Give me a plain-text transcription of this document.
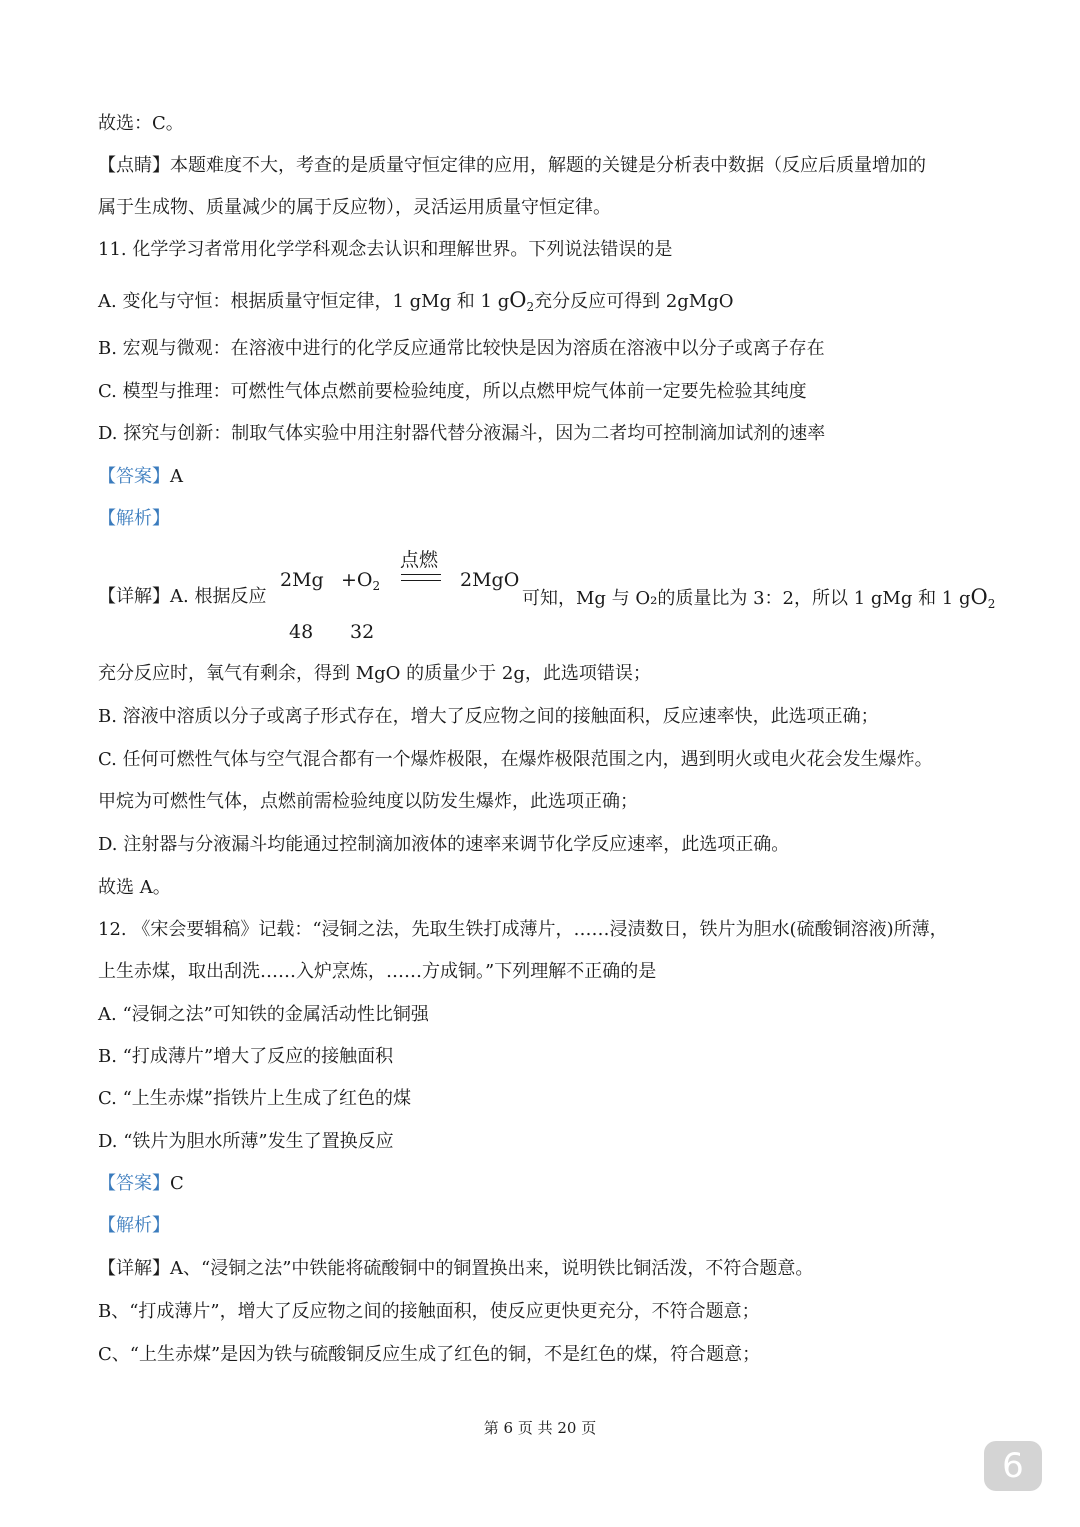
故选：C。
【点睛】本题难度不大，考查的是质量守恒定律的应用，解题的关键是分析表中数据（反应后质量增加的
属于生成物、质量减少的属于反应物），灵活运用质量守恒定律。
11. 化学学习者常用化学学科观念去认识和理解世界。下列说法错误的是
A. 变化与守恒：根据质量守恒定律，1 gMg 和 1 $gO_2$充分反应可得到 2gMgO
B. 宏观与微观：在溶液中进行的化学反应通常比较快是因为溶质在溶液中以分子或离子存在
C. 模型与推理：可燃性气体点燃前要检验纯度，所以点燃甲烷气体前一定要先检验其纯度
D. 探究与创新：制取气体实验中用注射器代替分液漏斗，因为二者均可控制滴加试剂的速率
【答案】A
【解析】
【详解】A. 根据反应
$2Mg +O_2$
点燃
2MgO
48 32
可知，Mg 与 O₂的质量比为 3：2，所以 1 gMg 和 1 $gO_2$
充分反应时，氧气有剩余，得到 MgO 的质量少于 2g，此选项错误；
B. 溶液中溶质以分子或离子形式存在，增大了反应物之间的接触面积，反应速率快，此选项正确；
C. 任何可燃性气体与空气混合都有一个爆炸极限，在爆炸极限范围之内，遇到明火或电火花会发生爆炸。
甲烷为可燃性气体，点燃前需检验纯度以防发生爆炸，此选项正确；
D. 注射器与分液漏斗均能通过控制滴加液体的速率来调节化学反应速率，此选项正确。
故选 A。
12. 《宋会要辑稿》记载：“浸铜之法，先取生铁打成薄片，……浸渍数日，铁片为胆水(硫酸铜溶液)所薄，
上生赤煤，取出刮洗……入炉烹炼，……方成铜。”下列理解不正确的是
A. “浸铜之法”可知铁的金属活动性比铜强
B. “打成薄片”增大了反应的接触面积
C. “上生赤煤”指铁片上生成了红色的煤
D. “铁片为胆水所薄”发生了置换反应
【答案】C
【解析】
【详解】A、“浸铜之法”中铁能将硫酸铜中的铜置换出来，说明铁比铜活泼，不符合题意。
B、“打成薄片”，增大了反应物之间的接触面积，使反应更快更充分，不符合题意；
C、“上生赤煤”是因为铁与硫酸铜反应生成了红色的铜，不是红色的煤，符合题意；
第 6 页 共 20 页
6
